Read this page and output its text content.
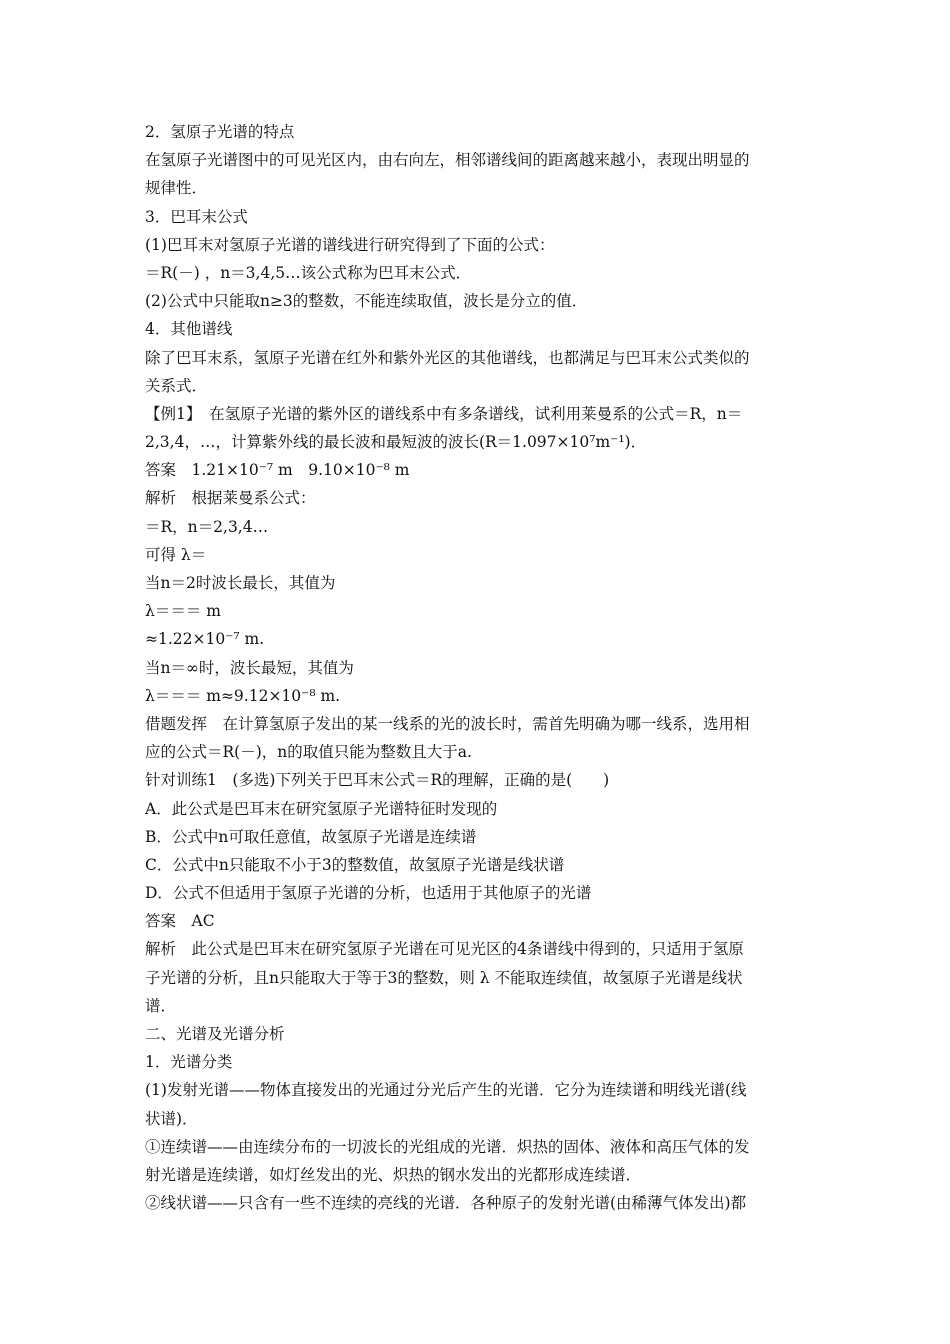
2．氢原子光谱的特点
在氢原子光谱图中的可见光区内，由右向左，相邻谱线间的距离越来越小，表现出明显的
规律性．
3．巴耳末公式
(1)巴耳末对氢原子光谱的谱线进行研究得到了下面的公式：
＝R(－) ，n＝3,4,5…该公式称为巴耳末公式．
(2)公式中只能取n≥3的整数，不能连续取值，波长是分立的值．
4．其他谱线
除了巴耳末系，氢原子光谱在红外和紫外光区的其他谱线，也都满足与巴耳末公式类似的
关系式．
【例1】　在氢原子光谱的紫外区的谱线系中有多条谱线，试利用莱曼系的公式＝R，n＝
2,3,4，…，计算紫外线的最长波和最短波的波长(R＝1.097×10⁷m⁻¹)．
答案　1.21×10⁻⁷ m　9.10×10⁻⁸ m
解析　根据莱曼系公式：
＝R，n＝2,3,4…
可得 λ＝
当n＝2时波长最长，其值为
λ＝＝＝ m
≈1.22×10⁻⁷ m.
当n＝∞时，波长最短，其值为
λ＝＝＝ m≈9.12×10⁻⁸ m.
借题发挥　在计算氢原子发出的某一线系的光的波长时，需首先明确为哪一线系，选用相
应的公式＝R(－)，n的取值只能为整数且大于a.
针对训练1　(多选)下列关于巴耳末公式＝R的理解，正确的是(　　)
A．此公式是巴耳末在研究氢原子光谱特征时发现的
B．公式中n可取任意值，故氢原子光谱是连续谱
C．公式中n只能取不小于3的整数值，故氢原子光谱是线状谱
D．公式不但适用于氢原子光谱的分析，也适用于其他原子的光谱
答案　AC
解析　此公式是巴耳末在研究氢原子光谱在可见光区的4条谱线中得到的，只适用于氢原
子光谱的分析，且n只能取大于等于3的整数，则 λ 不能取连续值，故氢原子光谱是线状
谱．
二、光谱及光谱分析
1．光谱分类
(1)发射光谱——物体直接发出的光通过分光后产生的光谱．它分为连续谱和明线光谱(线
状谱)．
①连续谱——由连续分布的一切波长的光组成的光谱．炽热的固体、液体和高压气体的发
射光谱是连续谱，如灯丝发出的光、炽热的钢水发出的光都形成连续谱．
②线状谱——只含有一些不连续的亮线的光谱．各种原子的发射光谱(由稀薄气体发出)都
